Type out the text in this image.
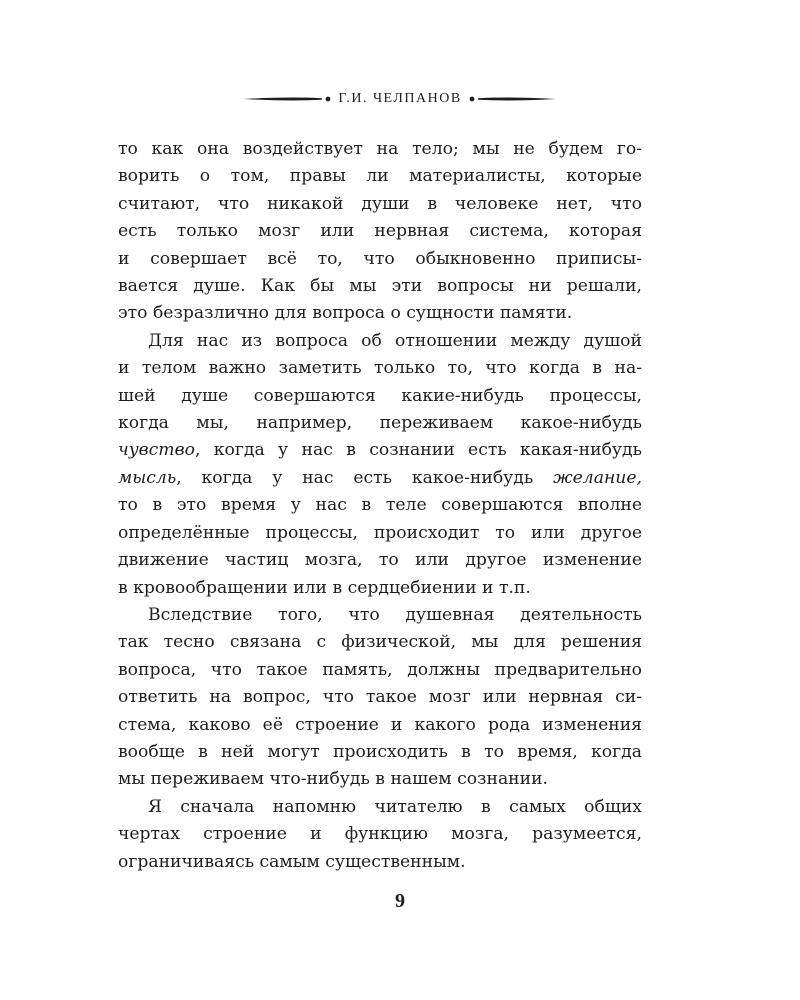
Г.И. ЧЕЛПАНОВ
то как она воздействует на тело; мы не будем го-
ворить о том, правы ли материалисты, которые
считают, что никакой души в человеке нет, что
есть только мозг или нервная система, которая
и совершает всё то, что обыкновенно приписы-
вается душе. Как бы мы эти вопросы ни решали,
это безразлично для вопроса о сущности памяти.
Для нас из вопроса об отношении между душой
и телом важно заметить только то, что когда в на-
шей душе совершаются какие-нибудь процессы,
когда мы, например, переживаем какое-нибудь
чувство, когда у нас в сознании есть какая-нибудь
мысль, когда у нас есть какое-нибудь желание,
то в это время у нас в теле совершаются вполне
определённые процессы, происходит то или другое
движение частиц мозга, то или другое изменение
в кровообращении или в сердцебиении и т.п.
Вследствие того, что душевная деятельность
так тесно связана с физической, мы для решения
вопроса, что такое память, должны предварительно
ответить на вопрос, что такое мозг или нервная си-
стема, каково её строение и какого рода изменения
вообще в ней могут происходить в то время, когда
мы переживаем что-нибудь в нашем сознании.
Я сначала напомню читателю в самых общих
чертах строение и функцию мозга, разумеется,
ограничиваясь самым существенным.
9
